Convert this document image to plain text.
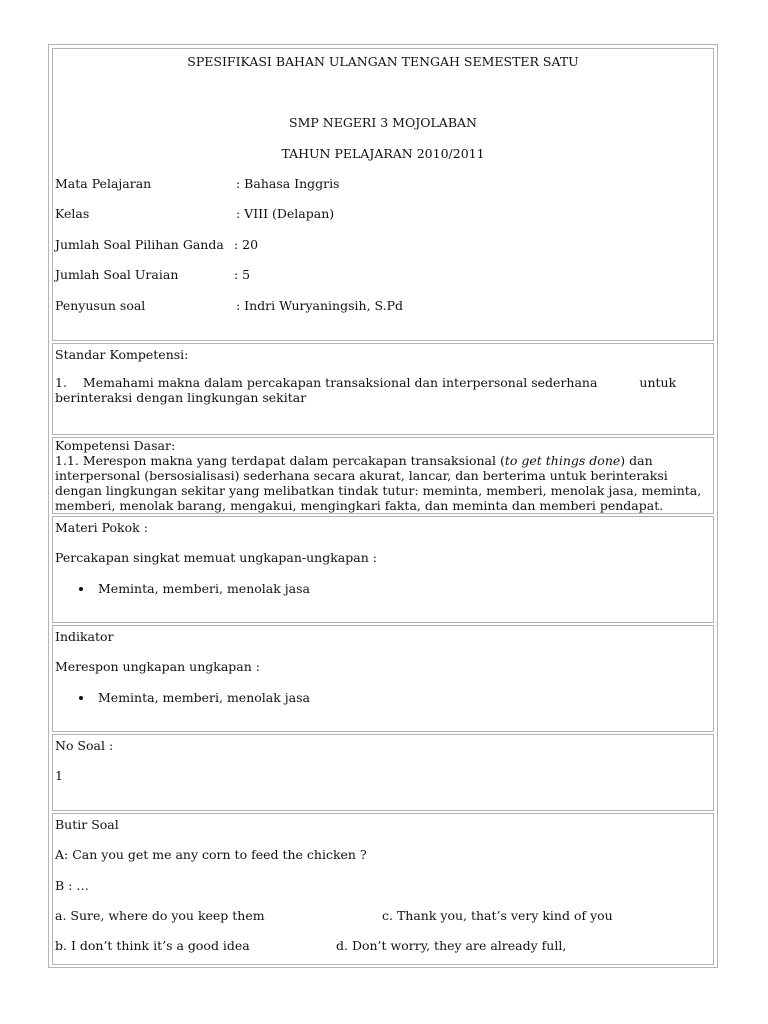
SPESIFIKASI BAHAN ULANGAN TENGAH SEMESTER SATU
SMP NEGERI 3 MOJOLABAN
TAHUN PELAJARAN 2010/2011
Mata Pelajaran	: Bahasa Inggris
Kelas	: VIII (Delapan)
Jumlah Soal Pilihan Ganda : 20
Jumlah Soal Uraian	: 5
Penyusun soal	: Indri Wuryaningsih, S.Pd
Standar Kompetensi:
1. Memahami makna dalam percakapan transaksional dan interpersonal sederhana	untuk
berinteraksi dengan lingkungan sekitar
Kompetensi Dasar:
1.1. Merespon makna yang terdapat dalam percakapan transaksional (to get things done) dan interpersonal (bersosialisasi) sederhana secara akurat, lancar, dan berterima untuk berinteraksi dengan lingkungan sekitar yang melibatkan tindak tutur: meminta, memberi, menolak jasa, meminta, memberi, menolak barang, mengakui, mengingkari fakta, dan meminta dan memberi pendapat.
Materi Pokok :
Percakapan singkat memuat ungkapan-ungkapan :
Meminta, memberi, menolak jasa
Indikator
Merespon ungkapan ungkapan :
Meminta, memberi, menolak jasa
No Soal :
1
Butir Soal
A: Can you get me any corn to feed the chicken ?
B : …
a. Sure, where do you keep them	c. Thank you, that’s very kind of you
b. I don’t think it’s a good idea	d. Don’t worry, they are already full,
